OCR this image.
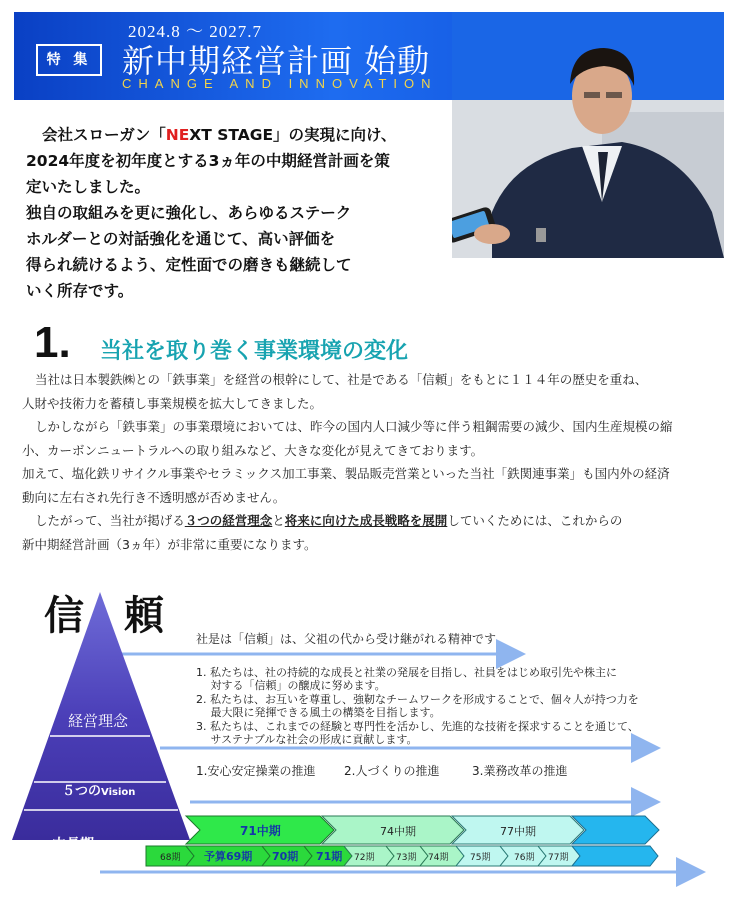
特 集
2024.8 ～ 2027.7
新中期経営計画 始動
CHANGE AND INNOVATION

会社スローガン「NEXT STAGE」の実現に向け、

2024年度を初年度とする3ヵ年の中期経営計画を策

定いたしました。

独自の取組みを更に強化し、あらゆるステーク

ホルダーとの対話強化を通じて、高い評価を

得られ続けるよう、定性面での磨きも継続して

いく所存です。

1. 当社を取り巻く事業環境の変化

当社は日本製鉄㈱との「鉄事業」を経営の根幹にして、社是である「信頼」をもとに１１４年の歴史を重ね、

人財や技術力を蓄積し事業規模を拡大してきました。

しかしながら「鉄事業」の事業環境においては、昨今の国内人口減少等に伴う粗鋼需要の減少、国内生産規模の縮

小、カーボンニュートラルへの取り組みなど、大きな変化が見えてきております。

加えて、塩化鉄リサイクル事業やセラミックス加工事業、製品販売営業といった当社「鉄関連事業」も国内外の経済

動向に左右され先行き不透明感が否めません。

したがって、当社が掲げる３つの経営理念と将来に向けた成長戦略を展開していくためには、これからの

新中期経営計画（3ヵ年）が非常に重要になります。

信　頼	社是は「信頼」は、父祖の代から受け継がれる精神です
経営理念
５つのVision
中長期Vision
1. 私たちは、社の持続的な成長と社業の発展を目指し、社員をはじめ取引先や株主に
　 対する「信頼」の醸成に努めます。
2. 私たちは、お互いを尊重し、強靭なチームワークを形成することで、個々人が持つ力を
　 最大限に発揮できる風土の構築を目指します。
3. 私たちは、これまでの経験と専門性を活かし、先進的な技術を探求することを通じて、
　 サステナブルな社会の形成に貢献します。
1.安心安定操業の推進 2.人づくりの推進	3.業務改革の推進
71中期	74中期	77中期
68期 予算69期 70期 71期 72期 73期 74期 75期	76期 77期
